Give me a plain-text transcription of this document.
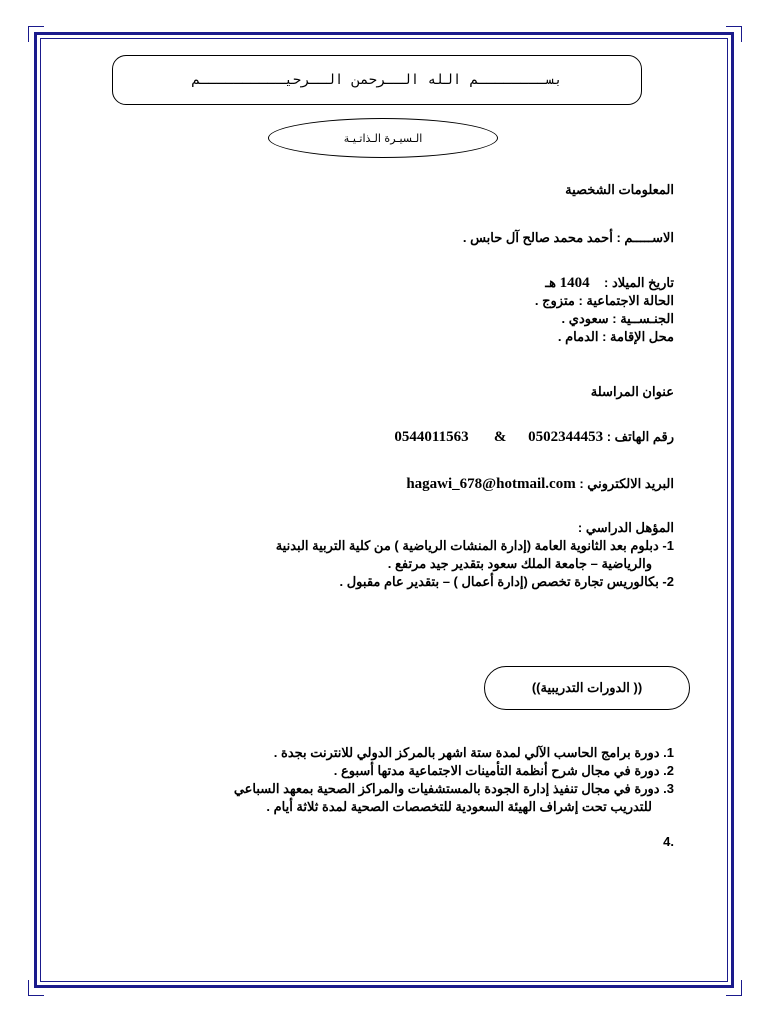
بســــــــم الله الــرحمن الــرحيــــــــــم
الـسيـرة الـذاتـيـة
المعلومات الشخصية
الاســـــم : أحمد محمد صالح آل حابس .
تاريخ الميلاد :    1404 هـ
الحالة الاجتماعية : متزوج .
الجنـســية : سعودي .
محل الإقامة : الدمام .
عنوان المراسلة
رقم الهاتف : 0544011563 & 0502344453
البريد الالكتروني : hagawi_678@hotmail.com
المؤهل الدراسي :
1- دبلوم بعد الثانوية العامة (إدارة المنشات الرياضية ) من كلية التربية البدنية
والرياضية – جامعة الملك سعود بتقدير جيد مرتفع .
2- بكالوريس تجارة تخصص (إدارة أعمال ) – بتقدير عام مقبول .
(( الدورات التدريبية))
1. دورة برامج الحاسب الآلي لمدة ستة اشهر بالمركز الدولي للانترنت بجدة .
2. دورة في مجال شرح أنظمة التأمينات الاجتماعية مدتها أسبوع .
3. دورة في مجال تنفيذ إدارة الجودة بالمستشفيات والمراكز الصحية بمعهد السباعي
للتدريب تحت إشراف الهيئة السعودية للتخصصات الصحية لمدة ثلاثة أيام .
.4
